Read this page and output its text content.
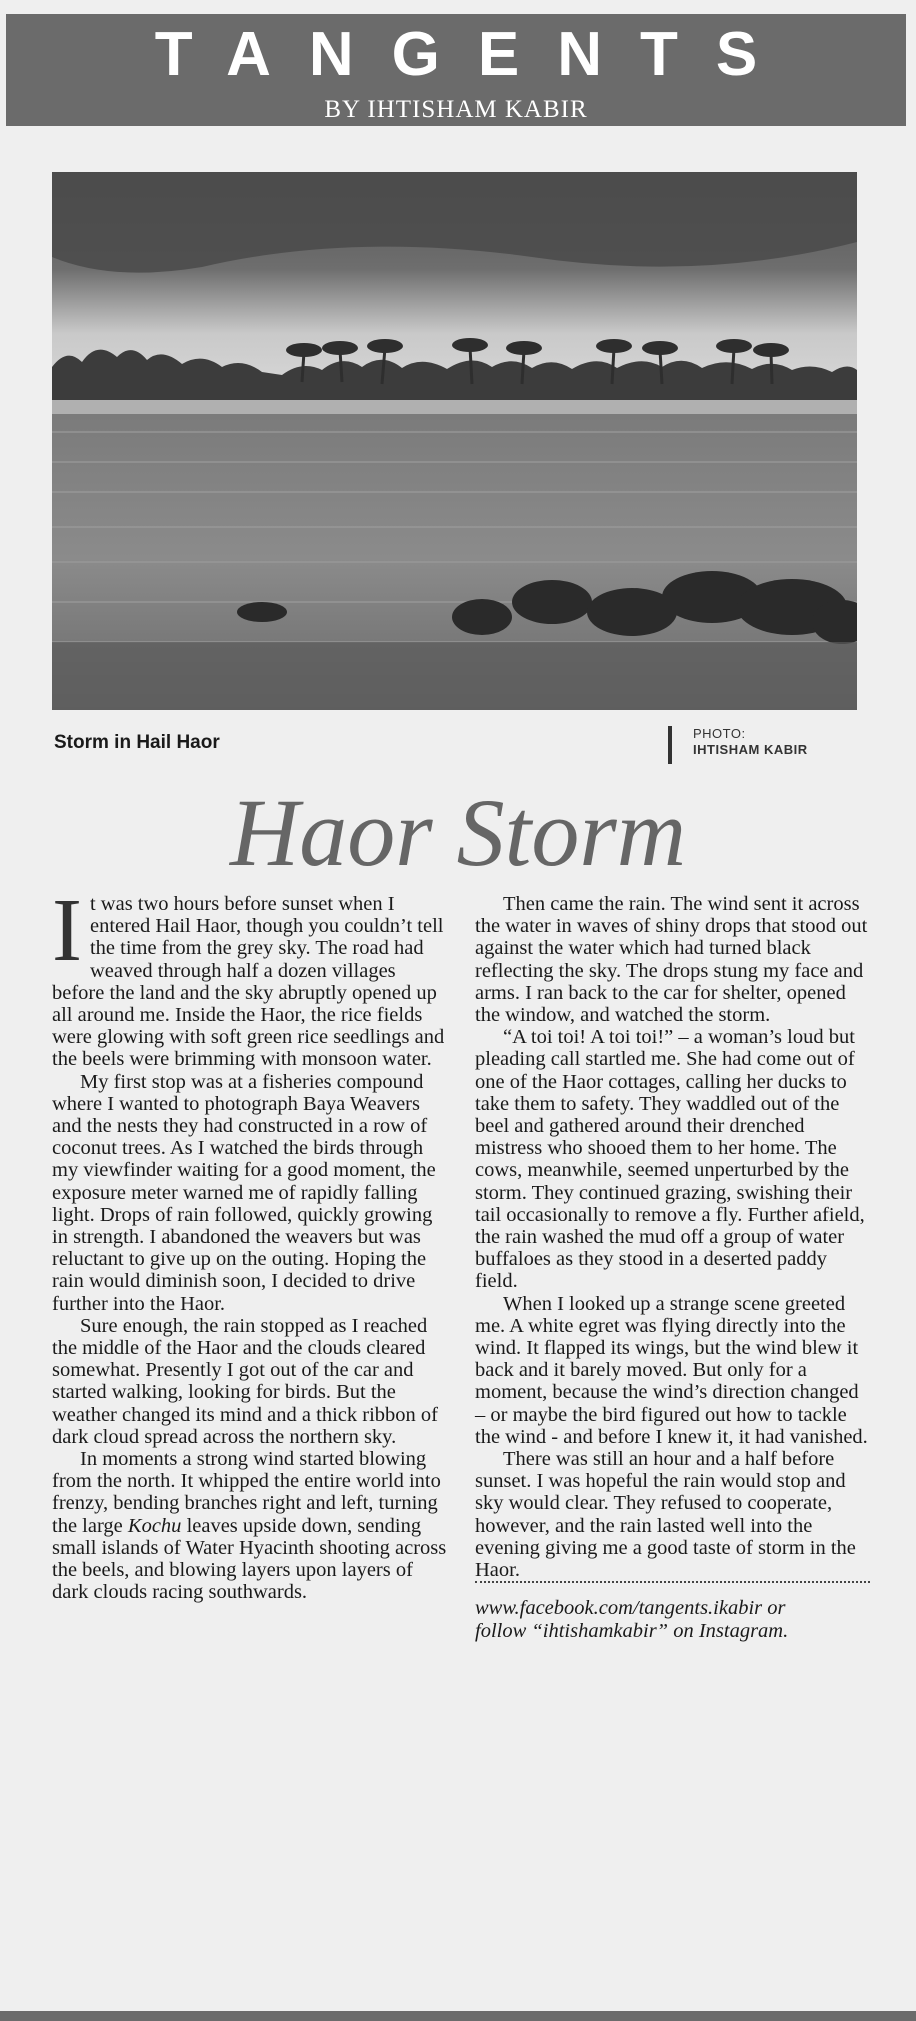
TANGENTS
BY IHTISHAM KABIR
Storm in Hail Haor	PHOTO:
IHTISHAM KABIR
Haor Storm

It was two hours before sunset when I entered Hail Haor, though you couldn’t tell the time from the grey sky. The road had weaved through half a dozen villages before the land and the sky abruptly opened up all around me. Inside the Haor, the rice fields were glowing with soft green rice seedlings and the beels were brimming with monsoon water.

My first stop was at a fisheries compound where I wanted to photograph Baya Weavers and the nests they had constructed in a row of coconut trees. As I watched the birds through my viewfinder waiting for a good moment, the exposure meter warned me of rapidly falling light. Drops of rain followed, quickly growing in strength. I abandoned the weavers but was reluctant to give up on the outing. Hoping the rain would diminish soon, I decided to drive further into the Haor.

Sure enough, the rain stopped as I reached the middle of the Haor and the clouds cleared somewhat. Presently I got out of the car and started walking, looking for birds. But the weather changed its mind and a thick ribbon of dark cloud spread across the northern sky.

In moments a strong wind started blowing from the north. It whipped the entire world into frenzy, bending branches right and left, turning the large Kochu leaves upside down, sending small islands of Water Hyacinth shooting across the beels, and blowing layers upon layers of dark clouds racing southwards.

Then came the rain. The wind sent it across the water in waves of shiny drops that stood out against the water which had turned black reflecting the sky. The drops stung my face and arms. I ran back to the car for shelter, opened the window, and watched the storm.

“A toi toi! A toi toi!” – a woman’s loud but pleading call startled me. She had come out of one of the Haor cottages, calling her ducks to take them to safety. They waddled out of the beel and gathered around their drenched mistress who shooed them to her home. The cows, meanwhile, seemed unperturbed by the storm. They continued grazing, swishing their tail occasionally to remove a fly. Further afield, the rain washed the mud off a group of water buffaloes as they stood in a deserted paddy field.

When I looked up a strange scene greeted me. A white egret was flying directly into the wind. It flapped its wings, but the wind blew it back and it barely moved. But only for a moment, because the wind’s direction changed – or maybe the bird figured out how to tackle the wind - and before I knew it, it had vanished.

There was still an hour and a half before sunset. I was hopeful the rain would stop and sky would clear. They refused to cooperate, however, and the rain lasted well into the evening giving me a good taste of storm in the Haor.

www.facebook.com/tangents.ikabir or
follow “ihtishamkabir” on Instagram.
